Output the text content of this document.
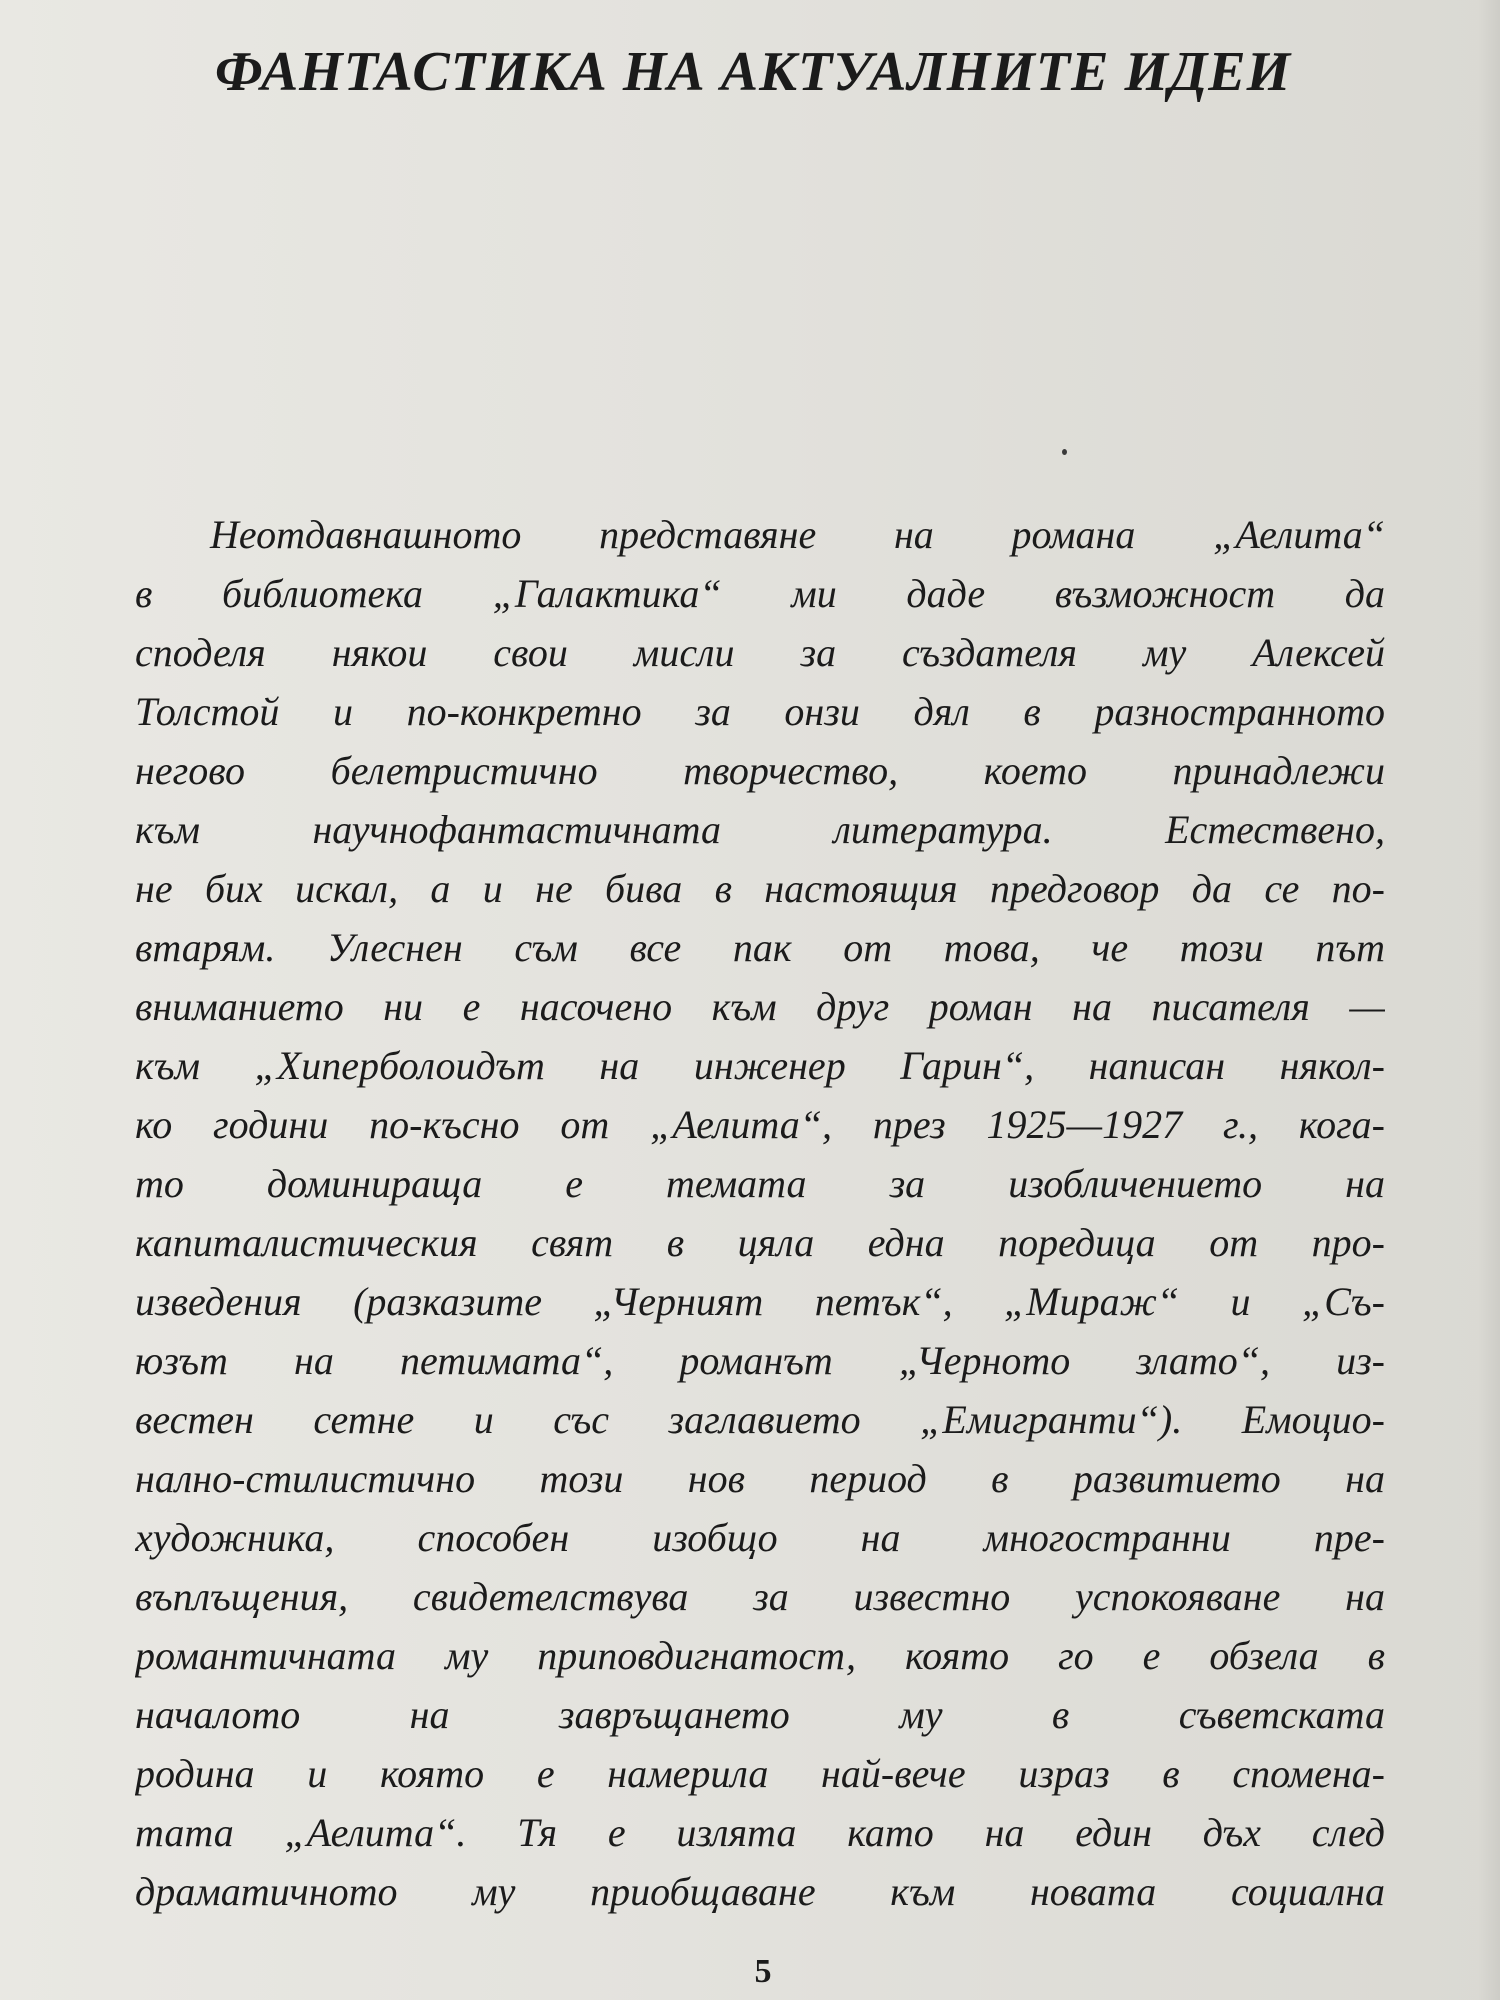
ФАНТАСТИКА НА АКТУАЛНИТЕ ИДЕИ
Неотдавнашното представяне на романа „Аелита“
в библиотека „Галактика“ ми даде възможност да
споделя някои свои мисли за създателя му Алексей
Толстой и по-конкретно за онзи дял в разностранното
негово белетристично творчество, което принадлежи
към научнофантастичната литература. Естествено,
не бих искал, а и не бива в настоящия предговор да се по-
втарям. Улеснен съм все пак от това, че този път
вниманието ни е насочено към друг роман на писателя —
към „Хиперболоидът на инженер Гарин“, написан някол-
ко години по-късно от „Аелита“, през 1925—1927 г., кога-
то доминираща е темата за изобличението на
капиталистическия свят в цяла една поредица от про-
изведения (разказите „Черният петък“, „Мираж“ и „Съ-
юзът на петимата“, романът „Черното злато“, из-
вестен сетне и със заглавието „Емигранти“). Емоцио-
нално-стилистично този нов период в развитието на
художника, способен изобщо на многостранни пре-
въплъщения, свидетелствува за известно успокояване на
романтичната му приповдигнатост, която го е обзела в
началото на завръщането му в съветската
родина и която е намерила най-вече израз в спомена-
тата „Аелита“. Тя е излята като на един дъх след
драматичното му приобщаване към новата социална
5
